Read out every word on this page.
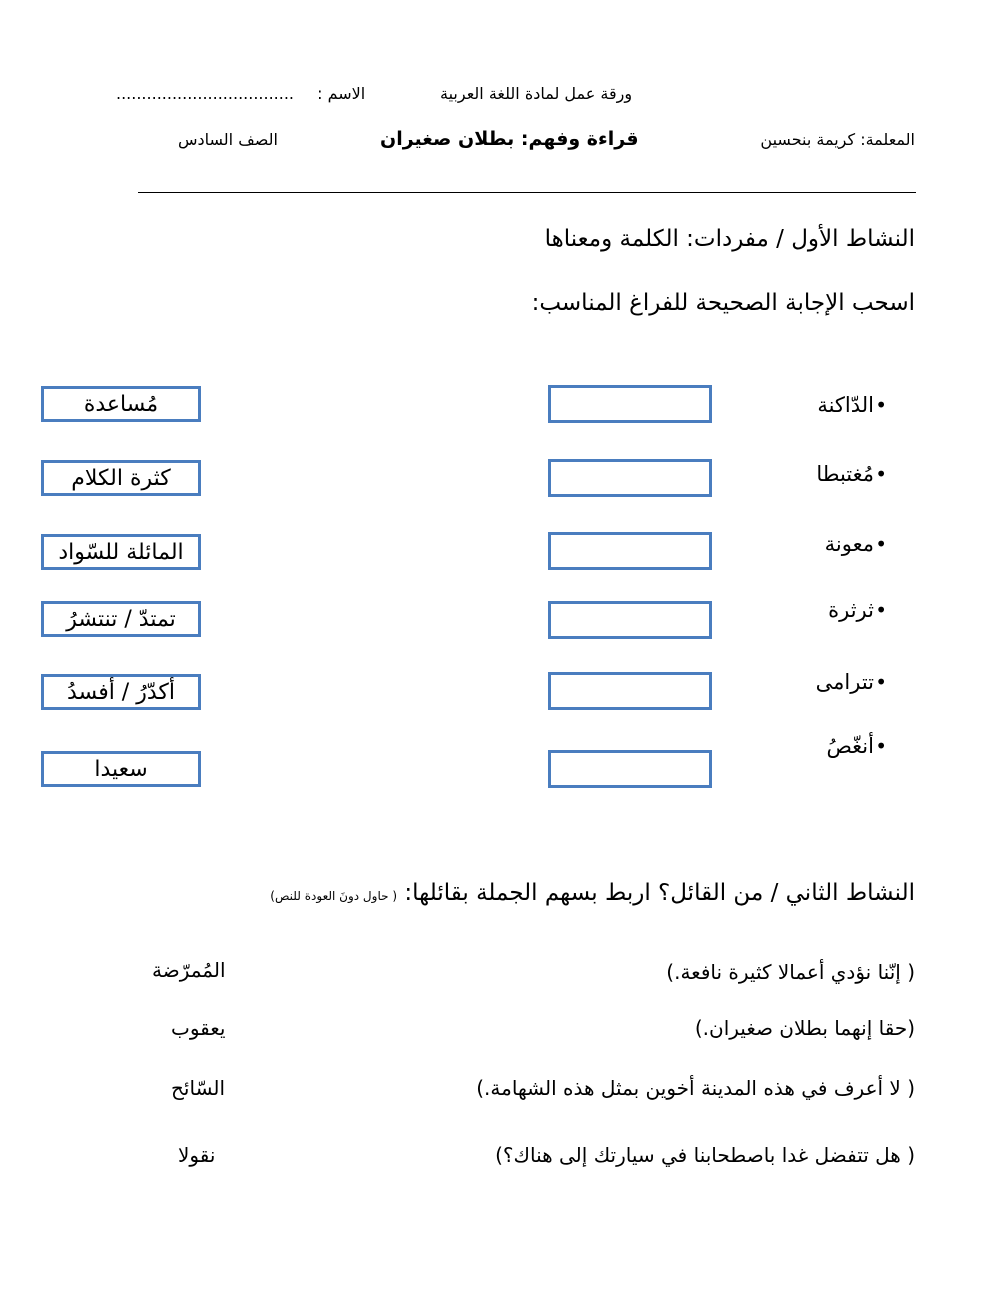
ورقة عمل لمادة اللغة العربية
................................... الاسم :
المعلمة: كريمة بنحسين
قراءة وفهم: بطلان صغيران
الصف السادس
النشاط الأول / مفردات: الكلمة ومعناها
اسحب الإجابة الصحيحة للفراغ المناسب:
•
الدّاكنة
•
مُغتبطا
•
معونة
•
ثرثرة
•
تترامى
•
أنغّصُ
مُساعدة
كثرة الكلام
المائلة للسّواد
تمتدّ / تنتشرُ
أكدّرُ / أفسدُ
سعيدا
النشاط الثاني / من القائل؟ اربط بسهم الجملة بقائلها: ( حاول دونَ العودة للنص)
( إنّنا نؤدي أعمالا كثيرة نافعة.)
(حقا إنهما بطلان صغيران.)
( لا أعرف في هذه المدينة أخوين بمثل هذه الشهامة.)
( هل تتفضل غدا باصطحابنا في سيارتك إلى هناك؟)
المُمرّضة
يعقوب
السّائح
نقولا
